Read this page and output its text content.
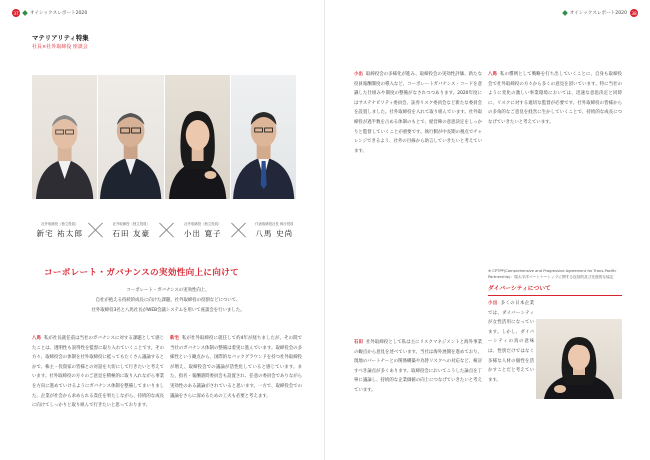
37 オイシックスレポート2020	オイシックスレポート2020	38
マテリアリティ特集
社長×社外取締役 座談会
社外取締役（独立役員）
新宅 祐太郎
社外取締役（独立役員）
石田 友豪
社外取締役（独立役員）
小出 寛子
代表取締役社長 執行役員
八馬 史尚
コーポレート・ガバナンスの実効性向上に向けて
コーポレート・ガバナンスの実効性向上、
自社が抱える持続的成長に向けた課題、社外取締役の役割などについて、
社外取締役3名と八馬社長がWEB会議システムを用いて座談会を行いました。
八馬 私が社長就任前は当社のガバナンスに対する課題として感じたことは、透明性も説得性を監督に取り入れていくことです。その方々、取締役会の体制を社外取締役に抵ってもたくさん議論するとかで、株主・投資家の皆様との対話を大切にして行きたいと考えています。社外取締役の方々のご意見を積極的に取り入れながら事業を方向に進めていけるようにガバナンス体制を整備してまいりました。企業が社会から求められる責任を果たしながら、持続的な成長に向けてしっかりと取り組んで行きたいと思っております。
新宅 私が社外取締役に就任して約4年が経ちましたが、その間で当社のガバナンス体制の整備は着実に進んでいます。取締役会の多様性という観点から、国際的なバックグラウンドを持つ社外取締役が増え、取締役会での議論が活性化していると感じています。また、指名・報酬諮問委員会も設置され、任意の委員会でありながら実効性のある議論がされていると思います。一方で、取締役会での議論をさらに深めるための工夫も必要と考えます。
小出 取締役会の多様化が進み、取締役会の実効性評価、新たな役員報酬制度の導入など、コーポレートガバナンス・コードを意識した仕組みや制度の整備がなされつつあります。2020年度にはサステナビリティ委員会、証券リスク委員会など新たな委員会を設置しました。社外取締役を入れて取り組んでいます。社外取締役が過半数を占める体制のもとで、経営陣の意思決定をしっかりと監督していくことが重要です。執行側が中長期の視点でチャレンジできるよう、社外の目線から助言していきたいと考えています。
石田 社外取締役として私は主にリスクマネジメントと海外事業の観点から意見を述べています。当社は海外展開を進めており、現地のパートナーとの関係構築や為替リスクへの対応など、検討すべき論点が多くあります。取締役会においてこうした論点を丁寧に議論し、持続的な企業価値の向上につなげていきたいと考えています。
八馬 私の慣例として戦略を打ち出していくことに、自身も取締役会で社外取締役の方々から多くの意見を頂いています。特に当社のように変化の激しい事業環境においては、迅速な意思決定と同時に、リスクに対する適切な監督が必要です。社外取締役の皆様からの多角的なご意見を経営に生かしていくことで、持続的な成長につなげていきたいと考えています。
※ CPTPP(Comprehensive and Progressive Agreement for Trans-Pacific Partnership)：環太平洋パートナーシップに関する包括的及び先進的な協定
ダイバーシティについて
小出 多くの日本企業では、ダイバーシティが女性活用になっています。しかし、ダイバーシティの真の意味は、性別だけではなく多様な人材の個性を活かすことだと考えています。
